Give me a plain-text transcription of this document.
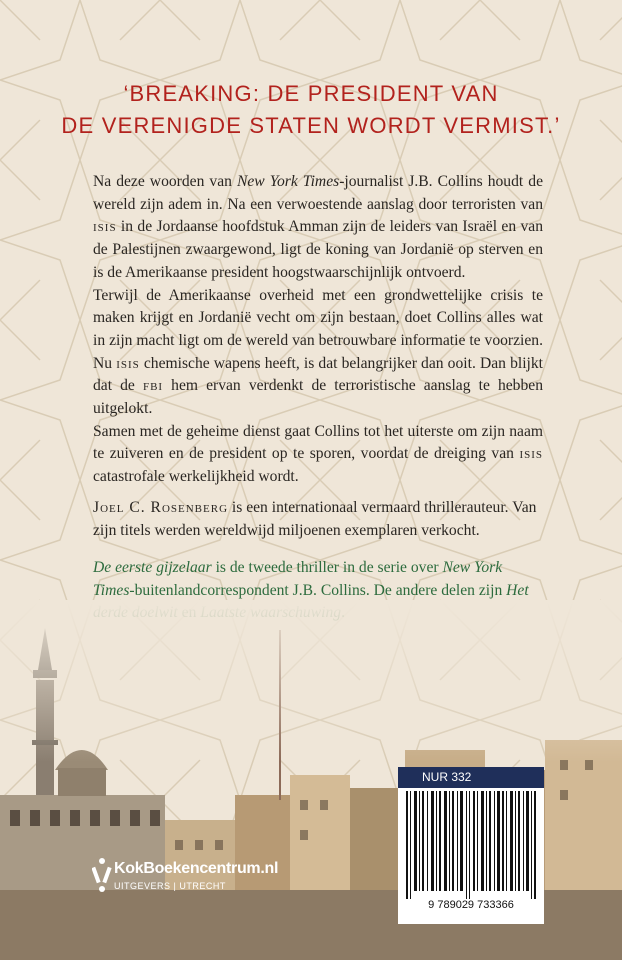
‘BREAKING: DE PRESIDENT VAN
DE VERENIGDE STATEN WORDT VERMIST.’

Na deze woorden van New York Times-journalist J.B. Collins houdt de wereld zijn adem in. Na een verwoestende aanslag door terroristen van isis in de Jordaanse hoofdstuk Amman zijn de leiders van Israël en van de Palestijnen zwaargewond, ligt de koning van Jordanië op sterven en is de Amerikaanse president hoogstwaarschijnlijk ontvoerd.

Terwijl de Amerikaanse overheid met een grondwettelijke crisis te maken krijgt en Jordanië vecht om zijn bestaan, doet Collins alles wat in zijn macht ligt om de wereld van betrouwbare informatie te voorzien. Nu isis chemische wapens heeft, is dat belangrijker dan ooit. Dan blijkt dat de fbi hem ervan verdenkt de terroristische aanslag te hebben uitgelokt.

Samen met de geheime dienst gaat Collins tot het uiterste om zijn naam te zuiveren en de president op te sporen, voordat de dreiging van isis catastrofale werkelijkheid wordt.

Joel C. Rosenberg is een internationaal vermaard thrillerauteur. Van zijn titels werden wereldwijd miljoenen exemplaren verkocht.
De eerste gijzelaar is de tweede thriller in de serie over New York Times-buitenlandcorrespondent J.B. Collins. De andere delen zijn Het
NUR 332
9 789029 733366
KokBoekencentrum.nl
UITGEVERS | UTRECHT
